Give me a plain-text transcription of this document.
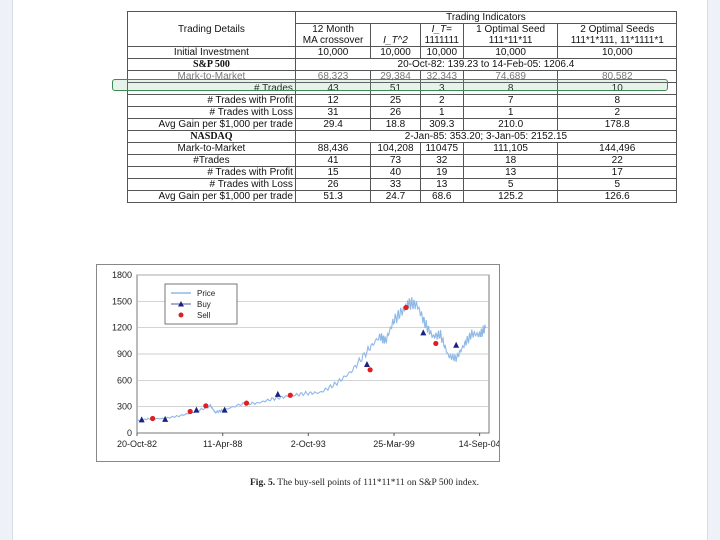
Trading Details	Trading Indicators				
	12 Month		I_T=	1 Optimal Seed	2 Optimal Seeds
	MA crossover	I_T^2	1111111	111*11*11	111*1*111, 11*1111*1
Initial Investment	10,000	10,000	10,000	10,000	10,000
S&P 500	20-Oct-82: 139.23 to 14-Feb-05: 1206.4				
Mark-to-Market	68,323	29,384	32,343	74,689	80,582
# Trades	43	51	3	8	10
# Trades with Profit	12	25	2	7	8
# Trades with Loss	31	26	1	1	2
Avg Gain per $1,000 per trade	29.4	18.8	309.3	210.0	178.8
NASDAQ	2-Jan-85: 353.20; 3-Jan-05: 2152.15				
Mark-to-Market	88,436	104,208	110475	111,105	144,496
#Trades	41	73	32	18	22
# Trades with Profit	15	40	19	13	17
# Trades with Loss	26	33	13	5	5
Avg Gain per $1,000 per trade	51.3	24.7	68.6	125.2	126.6
0
300
600
900
1200
1500
1800
20-Oct-82	11-Apr-88	2-Oct-93	25-Mar-99	14-Sep-04
Price
Buy
Sell
Fig. 5. The buy-sell points of 111*11*11 on S&P 500 index.
